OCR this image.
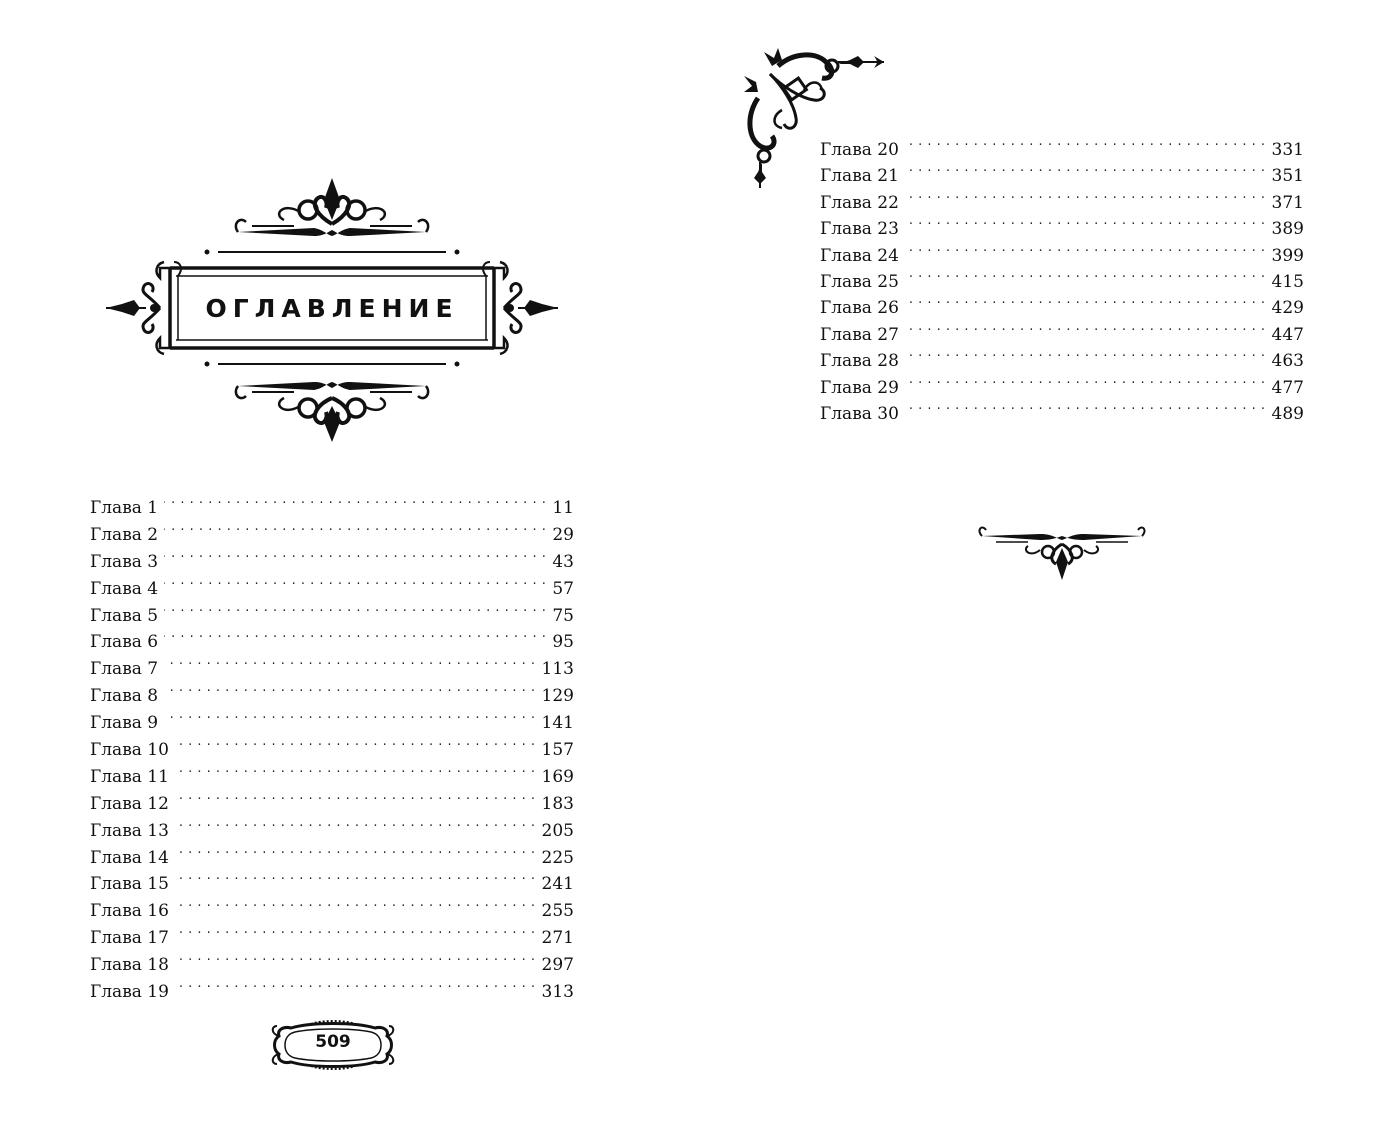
ОГЛАВЛЕНИЕ
Глава 1 . . .	11
Глава 2 . . .	29
Глава 3 . . .	43
Глава 4 . . .	57
Глава 5 . . .	75
Глава 6 . . .	95
Глава 7 . . .	113
Глава 8 . . .	129
Глава 9 . . .	141
Глава 10 . . .	157
Глава 11 . . .	169
Глава 12 . . .	183
Глава 13 . . .	205
Глава 14 . . .	225
Глава 15 . . .	241
Глава 16 . . .	255
Глава 17 . . .	271
Глава 18 . . .	297
Глава 19 . . .	313
Глава 20 . . .	331
Глава 21 . . .	351
Глава 22 . . .	371
Глава 23 . . .	389
Глава 24 . . .	399
Глава 25 . . .	415
Глава 26 . . .	429
Глава 27 . . .	447
Глава 28 . . .	463
Глава 29 . . .	477
Глава 30 . . .	489
509
